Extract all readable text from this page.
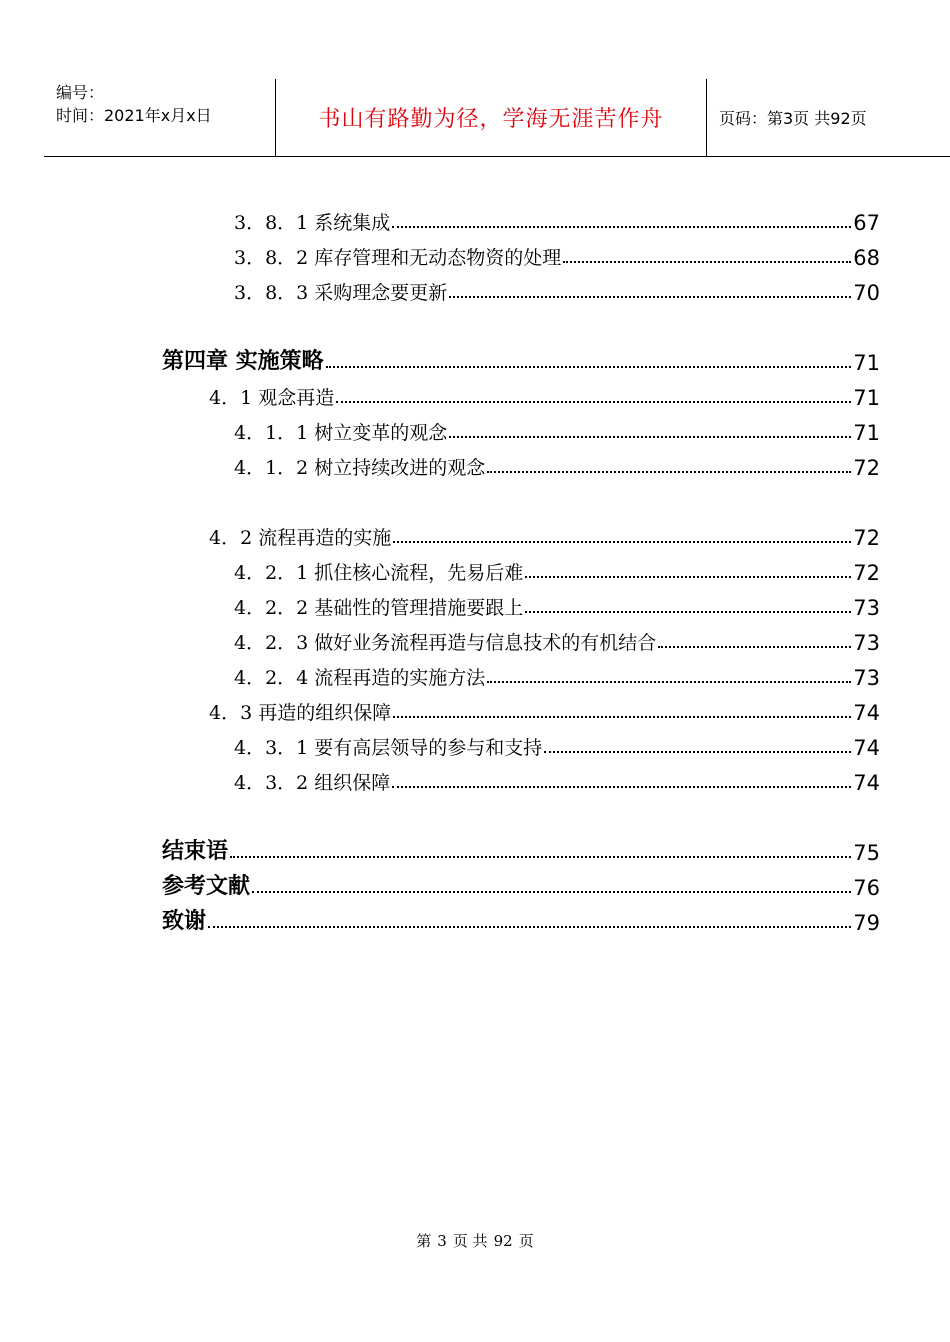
编号：
时间：2021年x月x日	书山有路勤为径，学海无涯苦作舟	页码：第3页 共92页
3．8．1 系统集成	67
3．8．2 库存管理和无动态物资的处理	68
3．8．3 采购理念要更新	70
第四章 实施策略	71
4．1 观念再造	71
4．1．1 树立变革的观念	71
4．1．2 树立持续改进的观念	72
4．2 流程再造的实施	72
4．2．1 抓住核心流程，先易后难	72
4．2．2 基础性的管理措施要跟上	73
4．2．3 做好业务流程再造与信息技术的有机结合	73
4．2．4 流程再造的实施方法	73
4．3 再造的组织保障	74
4．3．1 要有高层领导的参与和支持	74
4．3．2 组织保障	74
结束语	75
参考文献	76
致谢	79
第 3 页 共 92 页
